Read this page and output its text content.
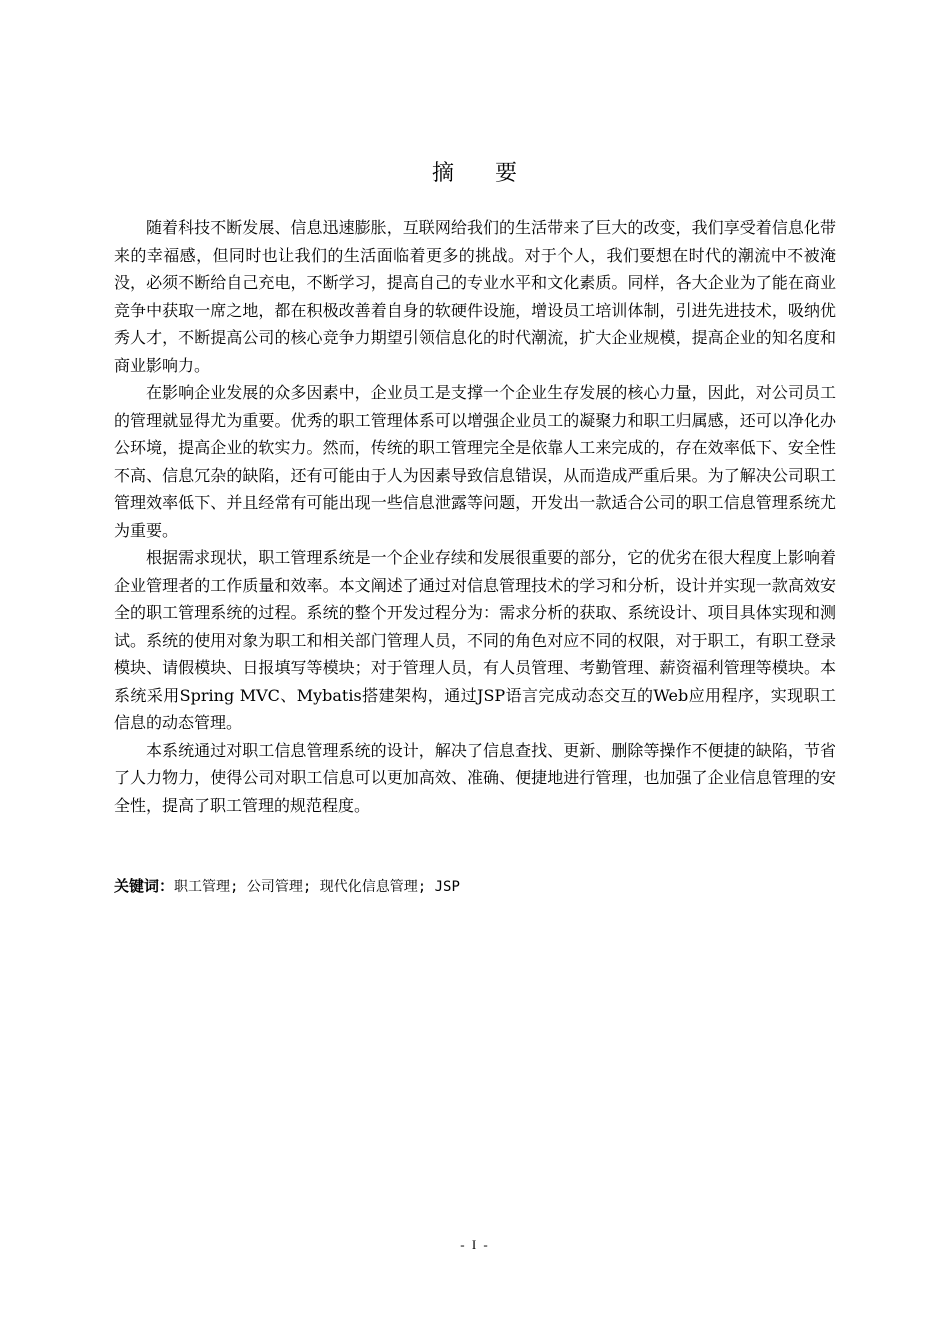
摘 要

随着科技不断发展、信息迅速膨胀，互联网给我们的生活带来了巨大的改变，我们享受着信息化带来的幸福感，但同时也让我们的生活面临着更多的挑战。对于个人，我们要想在时代的潮流中不被淹没，必须不断给自己充电，不断学习，提高自己的专业水平和文化素质。同样，各大企业为了能在商业竞争中获取一席之地，都在积极改善着自身的软硬件设施，增设员工培训体制，引进先进技术，吸纳优秀人才，不断提高公司的核心竞争力期望引领信息化的时代潮流，扩大企业规模，提高企业的知名度和商业影响力。

在影响企业发展的众多因素中，企业员工是支撑一个企业生存发展的核心力量，因此，对公司员工的管理就显得尤为重要。优秀的职工管理体系可以增强企业员工的凝聚力和职工归属感，还可以净化办公环境，提高企业的软实力。然而，传统的职工管理完全是依靠人工来完成的，存在效率低下、安全性不高、信息冗杂的缺陷，还有可能由于人为因素导致信息错误，从而造成严重后果。为了解决公司职工管理效率低下、并且经常有可能出现一些信息泄露等问题，开发出一款适合公司的职工信息管理系统尤为重要。

根据需求现状，职工管理系统是一个企业存续和发展很重要的部分，它的优劣在很大程度上影响着企业管理者的工作质量和效率。本文阐述了通过对信息管理技术的学习和分析，设计并实现一款高效安全的职工管理系统的过程。系统的整个开发过程分为：需求分析的获取、系统设计、项目具体实现和测试。系统的使用对象为职工和相关部门管理人员，不同的角色对应不同的权限，对于职工，有职工登录模块、请假模块、日报填写等模块；对于管理人员，有人员管理、考勤管理、薪资福利管理等模块。本系统采用Spring MVC、Mybatis搭建架构，通过JSP语言完成动态交互的Web应用程序，实现职工信息的动态管理。

本系统通过对职工信息管理系统的设计，解决了信息查找、更新、删除等操作不便捷的缺陷，节省了人力物力，使得公司对职工信息可以更加高效、准确、便捷地进行管理，也加强了企业信息管理的安全性，提高了职工管理的规范程度。

关键词：职工管理; 公司管理; 现代化信息管理; JSP
- I -
